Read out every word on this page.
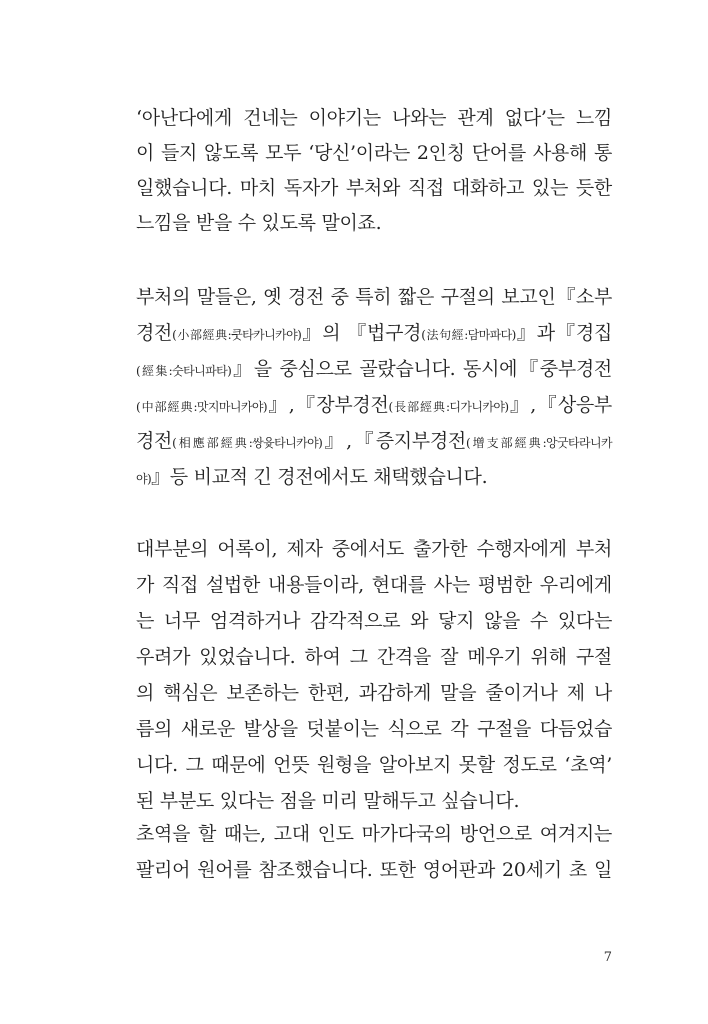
‘아난다에게 건네는 이야기는 나와는 관계 없다’는 느낌
이 들지 않도록 모두 ‘당신’이라는 2인칭 단어를 사용해 통
일했습니다. 마치 독자가 부처와 직접 대화하고 있는 듯한
느낌을 받을 수 있도록 말이죠.
부처의 말들은, 옛 경전 중 특히 짧은 구절의 보고인『소부
경전(小部經典:쿳타카니카야)』의 『법구경(法句經:담마파다)』과『경집
(經集:숫타니파타)』을 중심으로 골랐습니다. 동시에『중부경전
(中部經典:맛지마니카야)』,『장부경전(長部經典:디가니카야)』,『상응부
경전(相應部經典:쌍윳타니카야)』,『증지부경전(增支部經典:앙굿타라니카
야)』등 비교적 긴 경전에서도 채택했습니다.
대부분의 어록이, 제자 중에서도 출가한 수행자에게 부처
가 직접 설법한 내용들이라, 현대를 사는 평범한 우리에게
는 너무 엄격하거나 감각적으로 와 닿지 않을 수 있다는
우려가 있었습니다. 하여 그 간격을 잘 메우기 위해 구절
의 핵심은 보존하는 한편, 과감하게 말을 줄이거나 제 나
름의 새로운 발상을 덧붙이는 식으로 각 구절을 다듬었습
니다. 그 때문에 언뜻 원형을 알아보지 못할 정도로 ‘초역’
된 부분도 있다는 점을 미리 말해두고 싶습니다.
초역을 할 때는, 고대 인도 마가다국의 방언으로 여겨지는
팔리어 원어를 참조했습니다. 또한 영어판과 20세기 초 일
7
